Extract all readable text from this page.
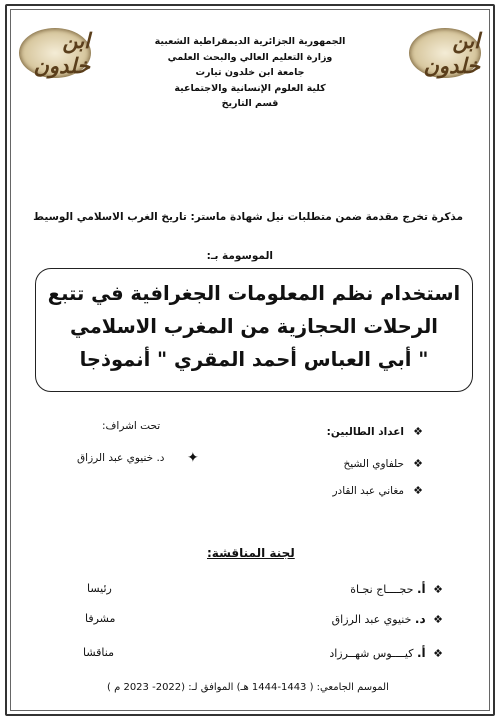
ابن خلدون
ابن خلدون
الجمهورية الجزائرية الديمقراطية الشعبية
وزارة التعليم العالي والبحث العلمي
جامعة ابن خلدون تيارت
كلية العلوم الإنسانية والاجتماعية
قسم التاريخ
مذكرة تخرج مقدمة ضمن متطلبات نيل شهادة ماستر: تاريخ الغرب الاسلامي الوسيط
الموسومة بـ:
استخدام نظم المعلومات الجغرافية في تتبع
الرحلات الحجازية من المغرب الاسلامي
" أبي العباس أحمد المقري " أنموذجا
❖ اعداد الطالبين:
❖ حلفاوي الشيخ
❖ مغاني عبد القادر
تحت اشراف:
✦
د. خنيوي عبد الرزاق
لجنة المناقشة:
❖ أ. حجــــاج نجـاة
رئيسا
❖ د. خنيوي عبد الرزاق
مشرفا
❖ أ. كيــــوس شهــرزاد
مناقشا
الموسم الجامعي: ( 1443-1444 هـ) الموافق لـ: (2022- 2023 م )
